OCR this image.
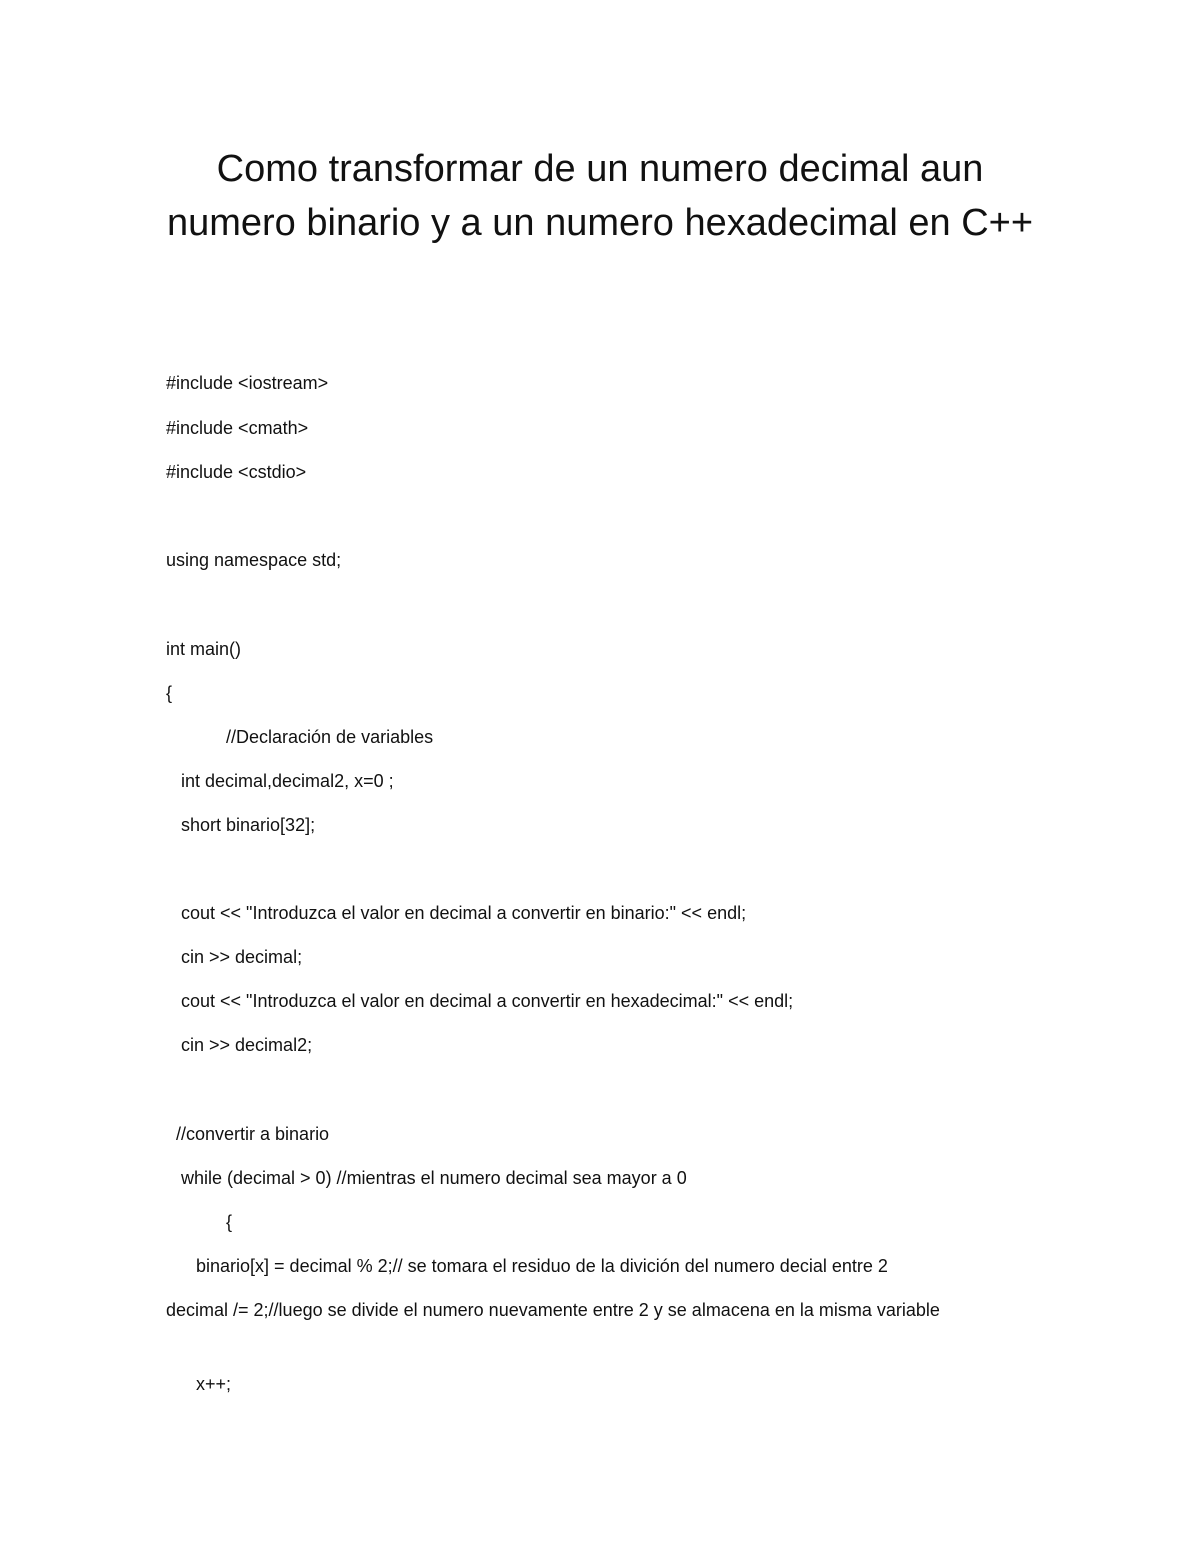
Como transformar de un numero decimal aun numero binario y a un numero hexadecimal en C++
#include <iostream>
#include <cmath>
#include <cstdio>
using namespace std;
int main()
{
//Declaración de variables
int decimal,decimal2, x=0 ;
short binario[32];
cout << "Introduzca el valor en decimal a convertir en binario:" << endl;
cin >> decimal;
cout << "Introduzca el valor en decimal a convertir en hexadecimal:" << endl;
cin >> decimal2;
//convertir a binario
while (decimal > 0) //mientras el numero decimal sea mayor a 0
{
binario[x] = decimal % 2;// se tomara el residuo de la divición del numero decial entre 2
decimal /= 2;//luego se divide el numero nuevamente entre 2 y se almacena en la misma variable
x++;
